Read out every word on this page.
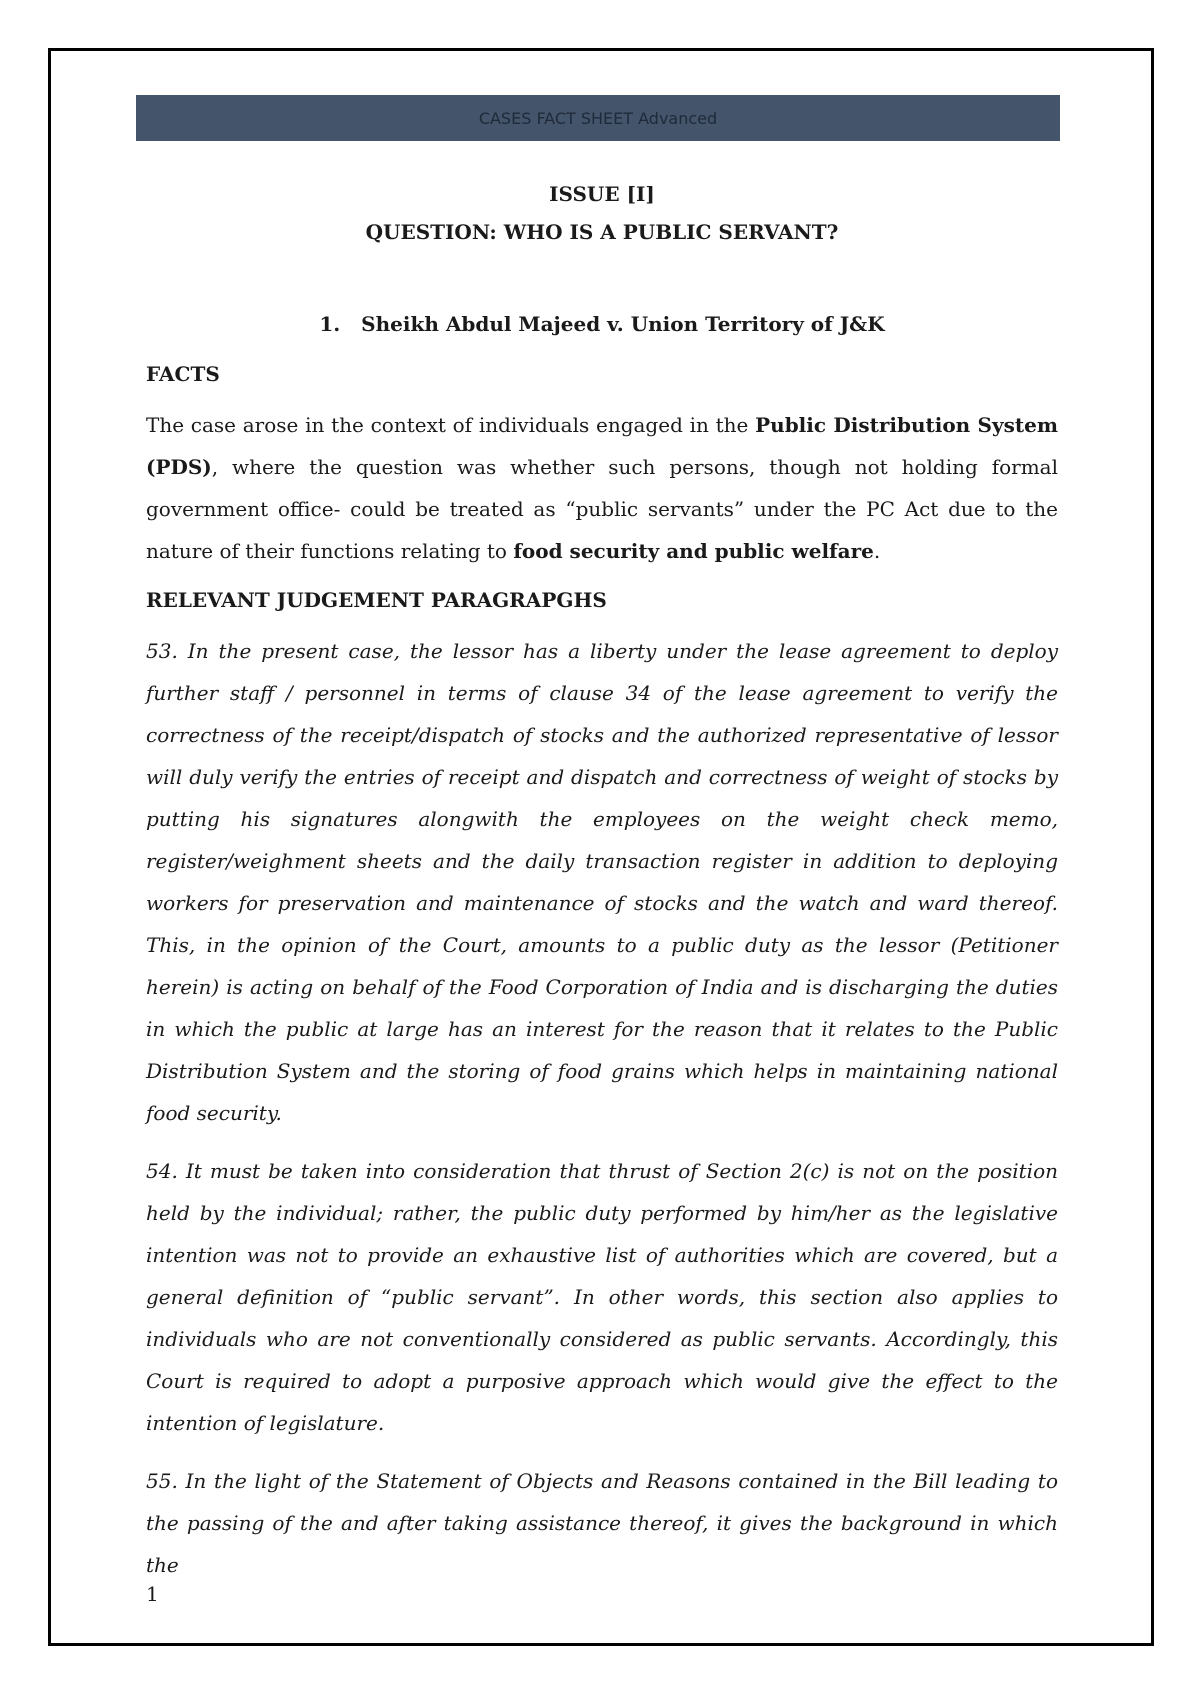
CASES FACT SHEET Advanced

ISSUE [I]

QUESTION: WHO IS A PUBLIC SERVANT?

1. Sheikh Abdul Majeed v. Union Territory of J&K

FACTS

The case arose in the context of individuals engaged in the Public Distribution System (PDS), where the question was whether such persons, though not holding formal government office- could be treated as “public servants” under the PC Act due to the nature of their functions relating to food security and public welfare.

RELEVANT JUDGEMENT PARAGRAPGHS

53. In the present case, the lessor has a liberty under the lease agreement to deploy further staff / personnel in terms of clause 34 of the lease agreement to verify the correctness of the receipt/dispatch of stocks and the authorized representative of lessor will duly verify the entries of receipt and dispatch and correctness of weight of stocks by putting his signatures alongwith the employees on the weight check memo, register/weighment sheets and the daily transaction register in addition to deploying workers for preservation and maintenance of stocks and the watch and ward thereof. This, in the opinion of the Court, amounts to a public duty as the lessor (Petitioner herein) is acting on behalf of the Food Corporation of India and is discharging the duties in which the public at large has an interest for the reason that it relates to the Public Distribution System and the storing of food grains which helps in maintaining national food security.

54. It must be taken into consideration that thrust of Section 2(c) is not on the position held by the individual; rather, the public duty performed by him/her as the legislative intention was not to provide an exhaustive list of authorities which are covered, but a general definition of “public servant”. In other words, this section also applies to individuals who are not conventionally considered as public servants. Accordingly, this Court is required to adopt a purposive approach which would give the effect to the intention of legislature.

55. In the light of the Statement of Objects and Reasons contained in the Bill leading to the passing of the and after taking assistance thereof, it gives the background in which the

1
